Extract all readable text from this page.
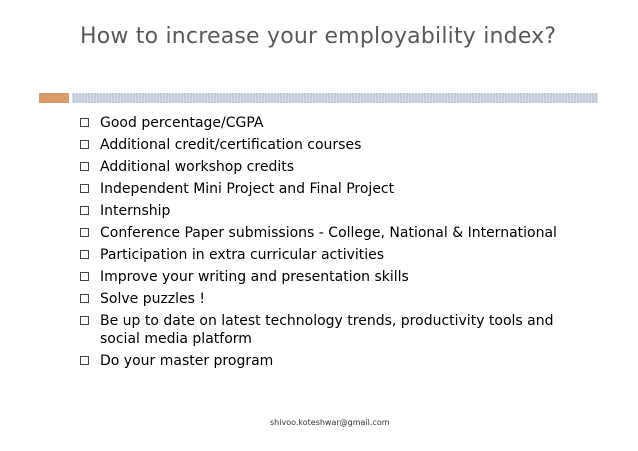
How to increase your employability index?
Good percentage/CGPA
Additional credit/certification courses
Additional workshop credits
Independent Mini Project and Final Project
Internship
Conference Paper submissions - College, National & International
Participation in extra curricular activities
Improve your writing and presentation skills
Solve puzzles !
Be up to date on latest technology trends, productivity tools and social media platform
Do your master program
shivoo.koteshwar@gmail.com
